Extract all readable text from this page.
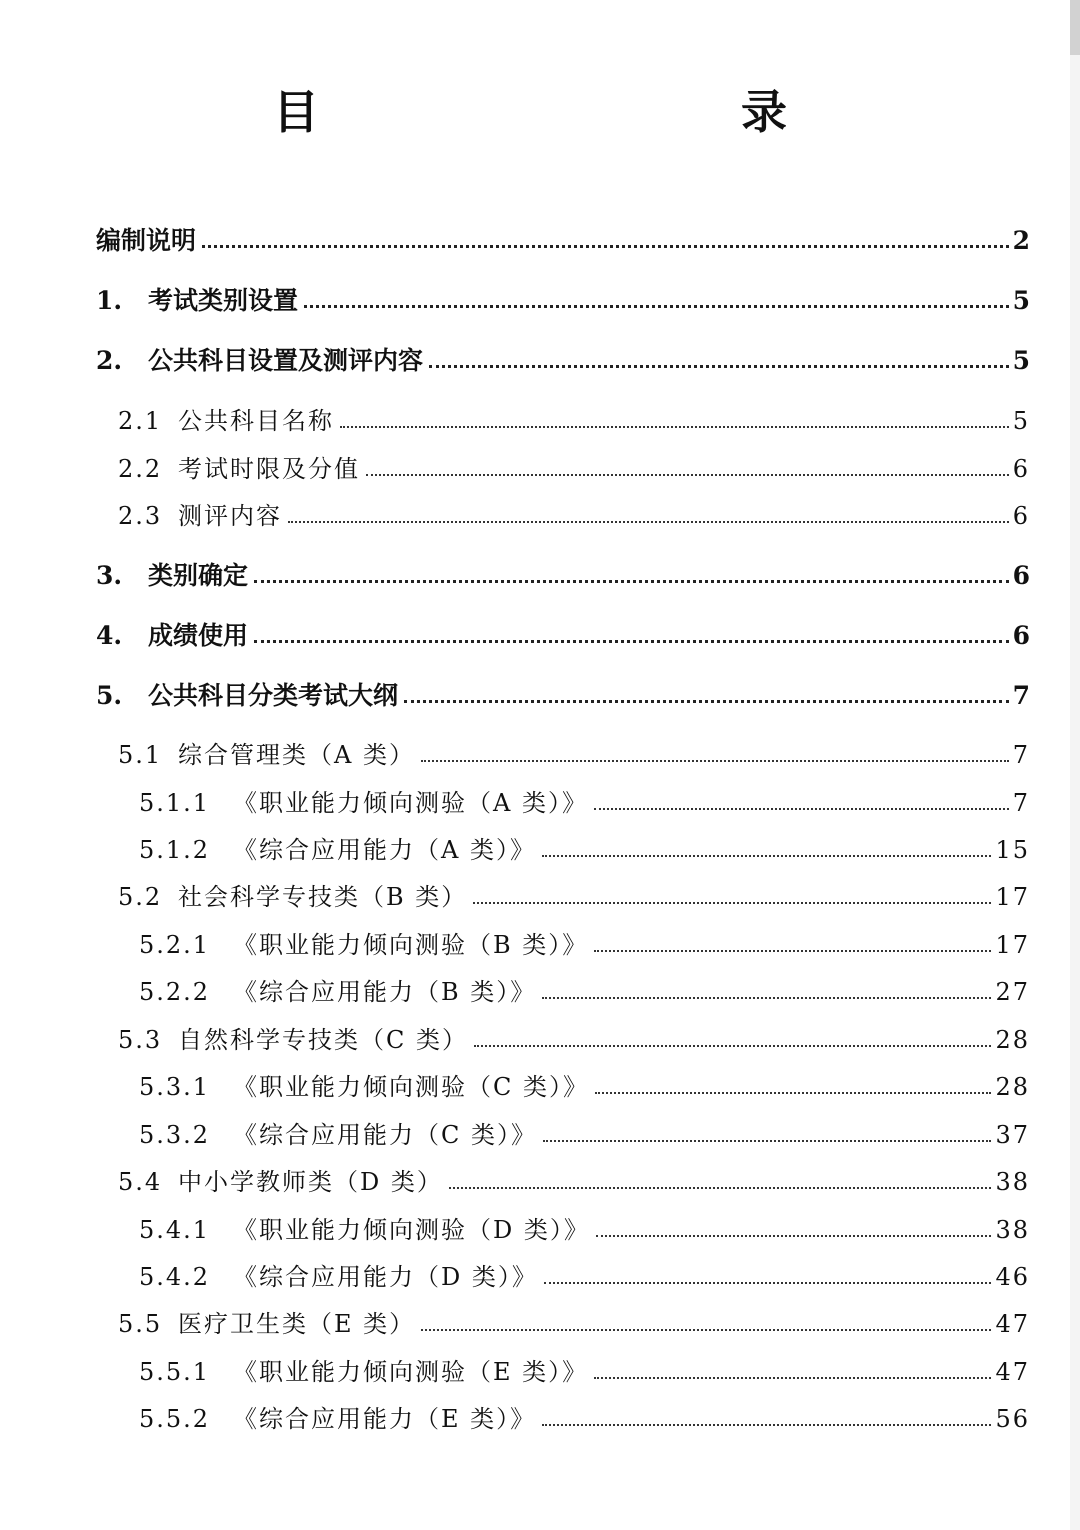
目　　录
编制说明	2
1.	考试类别设置	5
2.	公共科目设置及测评内容	5
2.1 公共科目名称	5
2.2 考试时限及分值	6
2.3 测评内容	6
3.	类别确定	6
4.	成绩使用	6
5.	公共科目分类考试大纲	7
5.1 综合管理类（A 类）	7
5.1.1 《职业能力倾向测验（A 类）》	7
5.1.2 《综合应用能力（A 类）》	15
5.2 社会科学专技类（B 类）	17
5.2.1 《职业能力倾向测验（B 类）》	17
5.2.2 《综合应用能力（B 类）》	27
5.3 自然科学专技类（C 类）	28
5.3.1 《职业能力倾向测验（C 类）》	28
5.3.2 《综合应用能力（C 类）》	37
5.4 中小学教师类（D 类）	38
5.4.1 《职业能力倾向测验（D 类）》	38
5.4.2 《综合应用能力（D 类）》	46
5.5 医疗卫生类（E 类）	47
5.5.1 《职业能力倾向测验（E 类）》	47
5.5.2 《综合应用能力（E 类）》	56
